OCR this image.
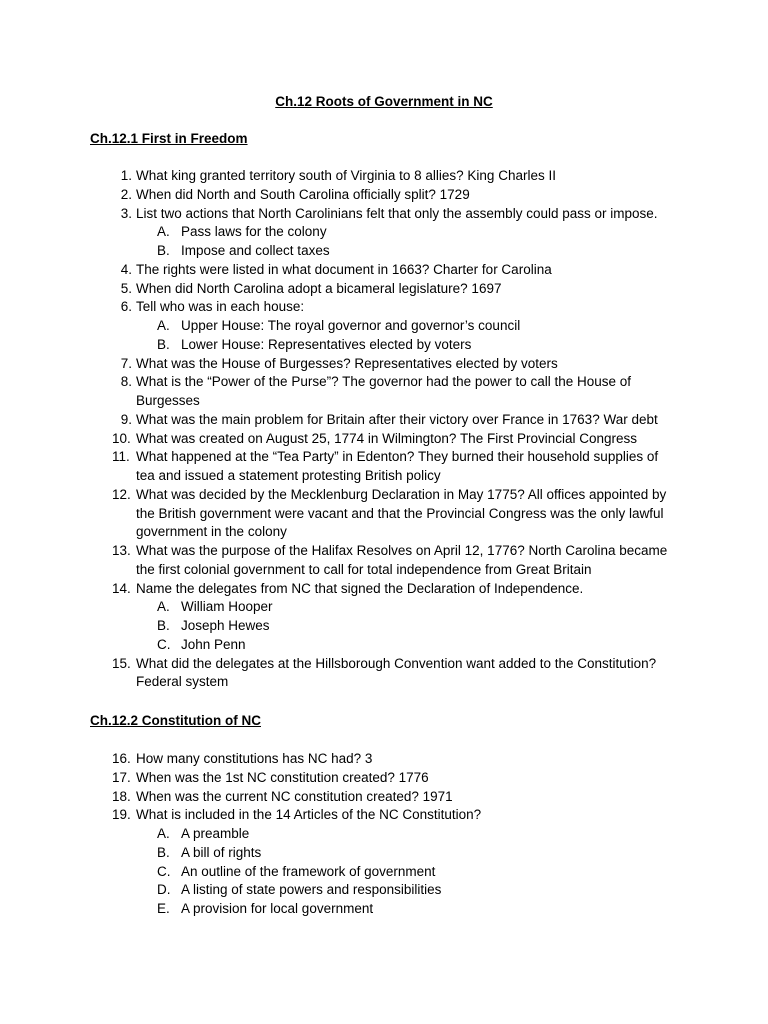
Ch.12 Roots of Government in NC
Ch.12.1 First in Freedom
1. What king granted territory south of Virginia to 8 allies? King Charles II
2. When did North and South Carolina officially split? 1729
3. List two actions that North Carolinians felt that only the assembly could pass or impose.
A. Pass laws for the colony
B. Impose and collect taxes
4. The rights were listed in what document in 1663? Charter for Carolina
5. When did North Carolina adopt a bicameral legislature? 1697
6. Tell who was in each house:
A. Upper House: The royal governor and governor’s council
B. Lower House: Representatives elected by voters
7. What was the House of Burgesses? Representatives elected by voters
8. What is the “Power of the Purse”? The governor had the power to call the House of Burgesses
9. What was the main problem for Britain after their victory over France in 1763? War debt
10. What was created on August 25, 1774 in Wilmington? The First Provincial Congress
11. What happened at the “Tea Party” in Edenton? They burned their household supplies of tea and issued a statement protesting British policy
12. What was decided by the Mecklenburg Declaration in May 1775? All offices appointed by the British government were vacant and that the Provincial Congress was the only lawful government in the colony
13. What was the purpose of the Halifax Resolves on April 12, 1776? North Carolina became the first colonial government to call for total independence from Great Britain
14. Name the delegates from NC that signed the Declaration of Independence.
A. William Hooper
B. Joseph Hewes
C. John Penn
15. What did the delegates at the Hillsborough Convention want added to the Constitution? Federal system
Ch.12.2 Constitution of NC
16. How many constitutions has NC had? 3
17. When was the 1st NC constitution created? 1776
18. When was the current NC constitution created? 1971
19. What is included in the 14 Articles of the NC Constitution?
A. A preamble
B. A bill of rights
C. An outline of the framework of government
D. A listing of state powers and responsibilities
E. A provision for local government
